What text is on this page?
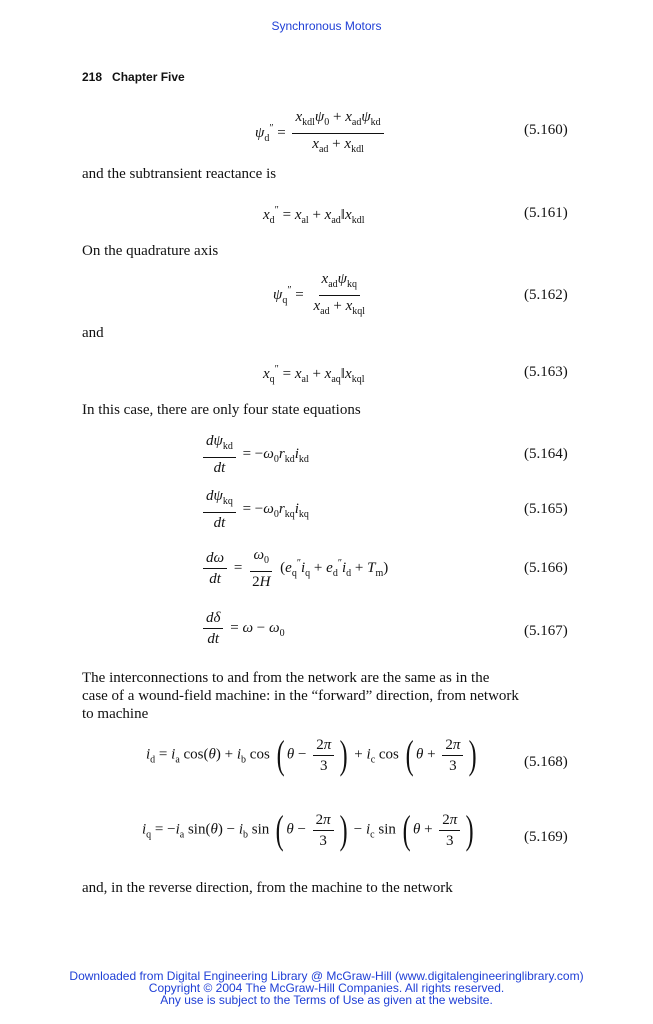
Synchronous Motors
218 Chapter Five
$\psi_d'' = \frac{x_{kdl}\psi_0 + x_{ad}\psi_{kd}}{x_{ad} + x_{kdl}}$	(5.160)
and the subtransient reactance is
$x_d'' = x_{al}$ + $x_{ad}‖x_{kdl}$	(5.161)
On the quadrature axis
$\psi_q'' = \frac{x_{ad}\psi_{kq}}{x_{ad} + x_{kql}}$	(5.162)
and
$x_q'' = x_{al}$ + $x_{aq}‖x_{kql}$	(5.163)
In this case, there are only four state equations
$\frac{d\psi_{kd}}{dt} = -\omega_0r_{kd}i_{kd}$	(5.164)
$\frac{d\psi_{kq}}{dt} = -\omega_0r_{kq}i_{kq}$	(5.165)
$\frac{d\omega}{dt} = \frac{\omega_0}{2H} (e_q''i_q + e_d''i_d + T_m)$	(5.166)
$\frac{d\delta}{dt} = \omega - \omega_0$	(5.167)
The interconnections to and from the network are the same as in the
case of a wound-field machine: in the “forward” direction, from network
to machine
$i_d = i_a$ $\cos(\theta) + i_b$ cos ( $\theta - \frac{2\pi}{3}$ ) + $i_c$ cos ( $\theta + \frac{2\pi}{3}$ )	(5.168)
$i_q = -i_a$ $\sin(\theta) - i_b$ sin ( $\theta - \frac{2\pi}{3}$ ) − $i_c$ sin ( $\theta + \frac{2\pi}{3}$ )	(5.169)
and, in the reverse direction, from the machine to the network
Downloaded from Digital Engineering Library @ McGraw-Hill (www.digitalengineeringlibrary.com)
Copyright © 2004 The McGraw-Hill Companies. All rights reserved.
Any use is subject to the Terms of Use as given at the website.
